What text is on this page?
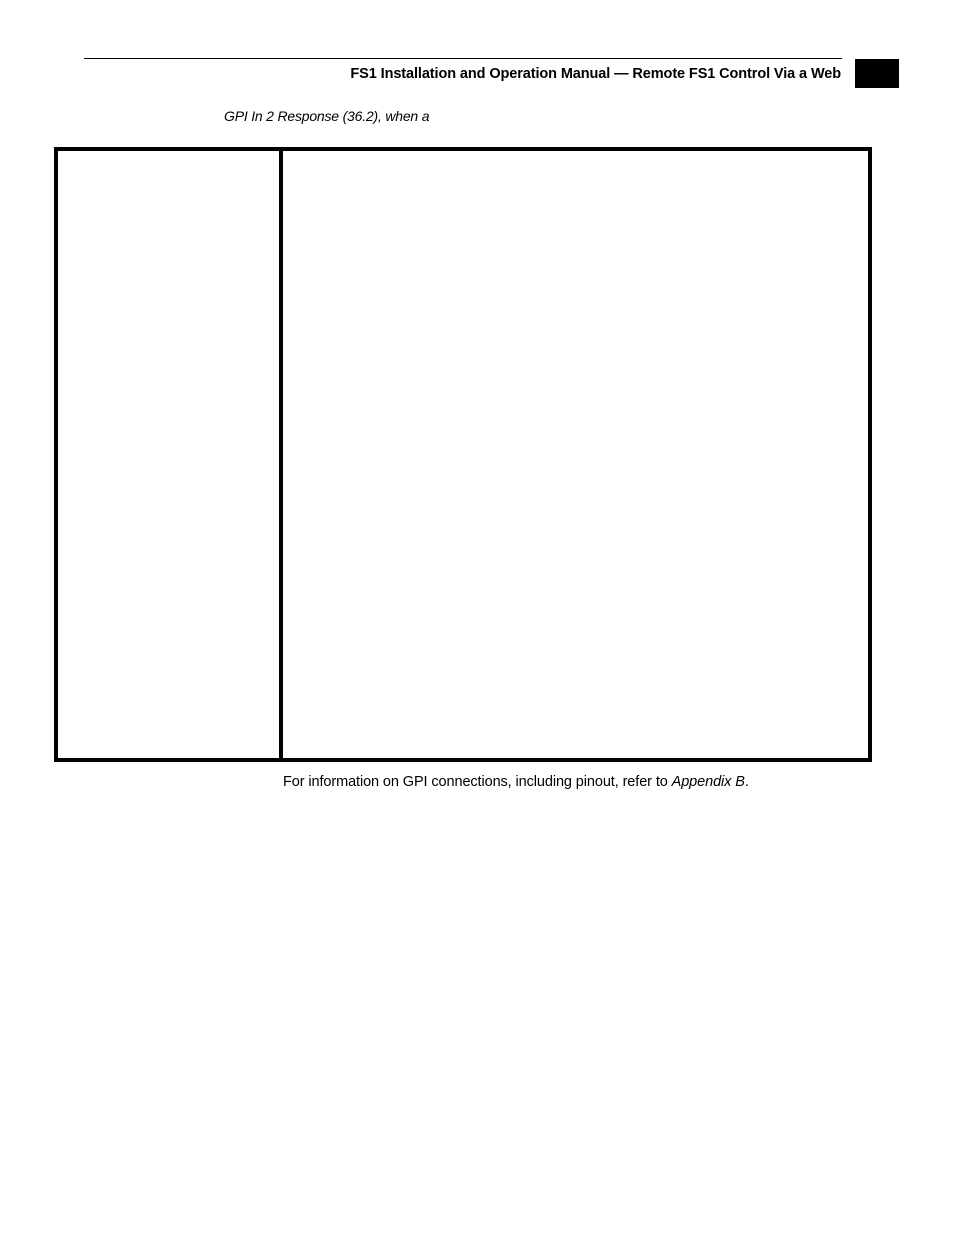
FS1 Installation and Operation Manual — Remote FS1 Control Via a Web
GPI In 2 Response (36.2), when a
For information on GPI connections, including pinout, refer to Appendix B.
